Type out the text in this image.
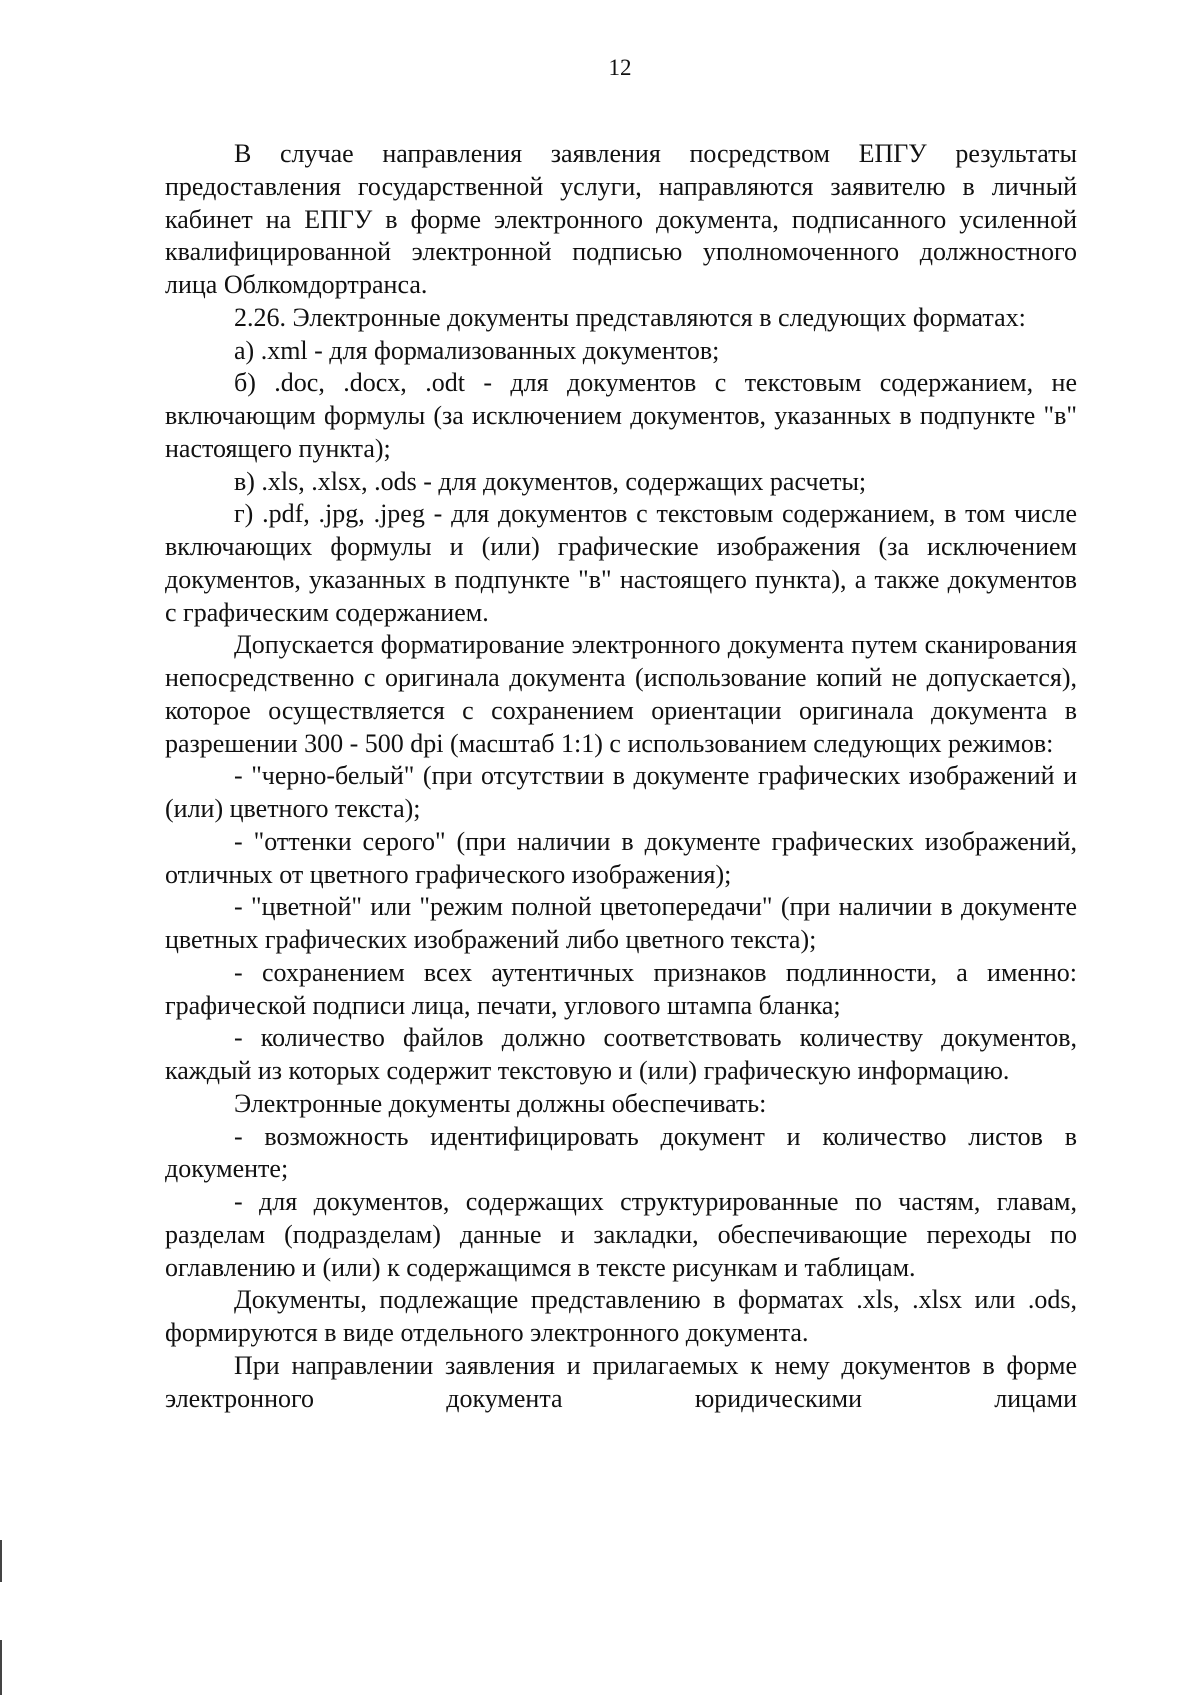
12

В случае направления заявления посредством ЕПГУ результаты предоставления государственной услуги, направляются заявителю в личный кабинет на ЕПГУ в форме электронного документа, подписанного усиленной квалифицированной электронной подписью уполномоченного должностного лица Облкомдортранса.

2.26. Электронные документы представляются в следующих форматах:

а) .xml - для формализованных документов;

б) .doc, .docx, .odt - для документов с текстовым содержанием, не включающим формулы (за исключением документов, указанных в подпункте "в" настоящего пункта);

в) .xls, .xlsx, .ods - для документов, содержащих расчеты;

г) .pdf, .jpg, .jpeg - для документов с текстовым содержанием, в том числе включающих формулы и (или) графические изображения (за исключением документов, указанных в подпункте "в" настоящего пункта), а также документов с графическим содержанием.

Допускается форматирование электронного документа путем сканирования непосредственно с оригинала документа (использование копий не допускается), которое осуществляется с сохранением ориентации оригинала документа в разрешении 300 - 500 dpi (масштаб 1:1) с использованием следующих режимов:

- "черно-белый" (при отсутствии в документе графических изображений и (или) цветного текста);

- "оттенки серого" (при наличии в документе графических изображений, отличных от цветного графического изображения);

- "цветной" или "режим полной цветопередачи" (при наличии в документе цветных графических изображений либо цветного текста);

- сохранением всех аутентичных признаков подлинности, а именно: графической подписи лица, печати, углового штампа бланка;

- количество файлов должно соответствовать количеству документов, каждый из которых содержит текстовую и (или) графическую информацию.

Электронные документы должны обеспечивать:

- возможность идентифицировать документ и количество листов в документе;

- для документов, содержащих структурированные по частям, главам, разделам (подразделам) данные и закладки, обеспечивающие переходы по оглавлению и (или) к содержащимся в тексте рисункам и таблицам.

Документы, подлежащие представлению в форматах .xls, .xlsx или .ods, формируются в виде отдельного электронного документа.

При направлении заявления и прилагаемых к нему документов в форме электронного документа юридическими лицами
